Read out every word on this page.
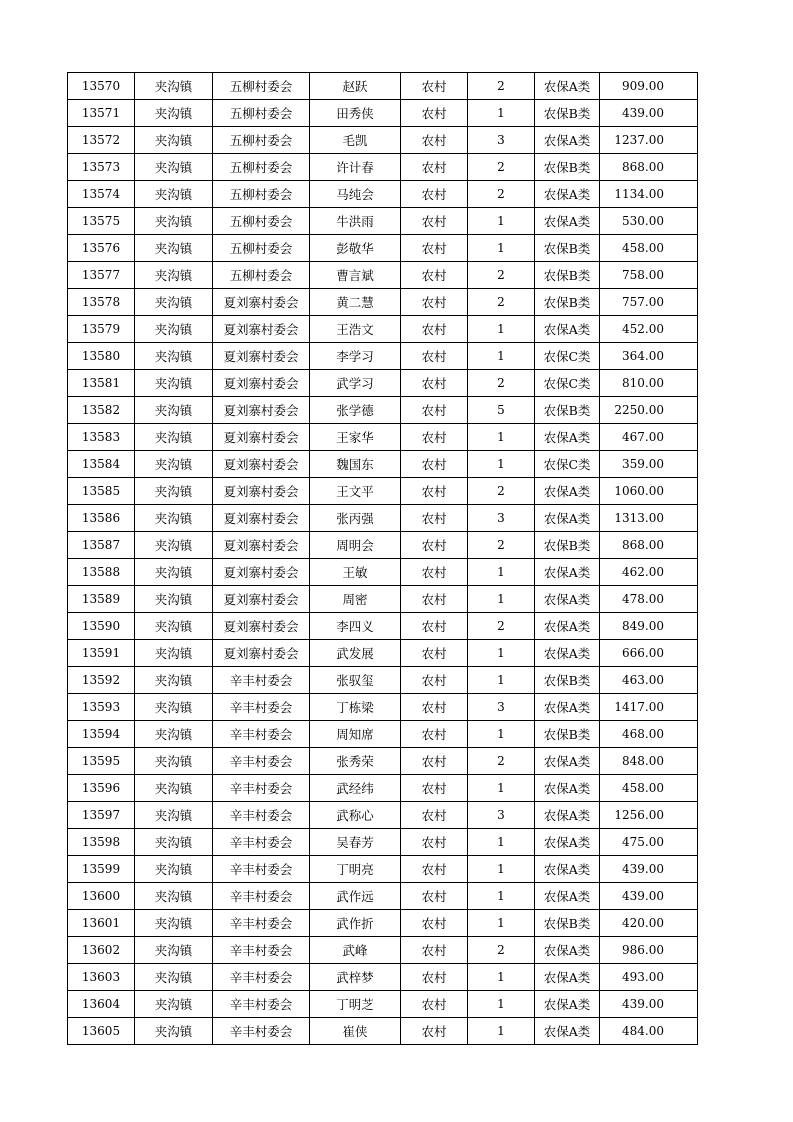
13570	夹沟镇	五柳村委会	赵跃	农村	2	农保A类	909.00
13571	夹沟镇	五柳村委会	田秀侠	农村	1	农保B类	439.00
13572	夹沟镇	五柳村委会	毛凯	农村	3	农保A类	1237.00
13573	夹沟镇	五柳村委会	许计春	农村	2	农保B类	868.00
13574	夹沟镇	五柳村委会	马纯会	农村	2	农保A类	1134.00
13575	夹沟镇	五柳村委会	牛洪雨	农村	1	农保A类	530.00
13576	夹沟镇	五柳村委会	彭敬华	农村	1	农保B类	458.00
13577	夹沟镇	五柳村委会	曹言斌	农村	2	农保B类	758.00
13578	夹沟镇	夏刘寨村委会	黄二慧	农村	2	农保B类	757.00
13579	夹沟镇	夏刘寨村委会	王浩文	农村	1	农保A类	452.00
13580	夹沟镇	夏刘寨村委会	李学习	农村	1	农保C类	364.00
13581	夹沟镇	夏刘寨村委会	武学习	农村	2	农保C类	810.00
13582	夹沟镇	夏刘寨村委会	张学德	农村	5	农保B类	2250.00
13583	夹沟镇	夏刘寨村委会	王家华	农村	1	农保A类	467.00
13584	夹沟镇	夏刘寨村委会	魏国东	农村	1	农保C类	359.00
13585	夹沟镇	夏刘寨村委会	王文平	农村	2	农保A类	1060.00
13586	夹沟镇	夏刘寨村委会	张丙强	农村	3	农保A类	1313.00
13587	夹沟镇	夏刘寨村委会	周明会	农村	2	农保B类	868.00
13588	夹沟镇	夏刘寨村委会	王敏	农村	1	农保A类	462.00
13589	夹沟镇	夏刘寨村委会	周密	农村	1	农保A类	478.00
13590	夹沟镇	夏刘寨村委会	李四义	农村	2	农保A类	849.00
13591	夹沟镇	夏刘寨村委会	武发展	农村	1	农保A类	666.00
13592	夹沟镇	辛丰村委会	张驭玺	农村	1	农保B类	463.00
13593	夹沟镇	辛丰村委会	丁栋梁	农村	3	农保A类	1417.00
13594	夹沟镇	辛丰村委会	周知席	农村	1	农保B类	468.00
13595	夹沟镇	辛丰村委会	张秀荣	农村	2	农保A类	848.00
13596	夹沟镇	辛丰村委会	武经纬	农村	1	农保A类	458.00
13597	夹沟镇	辛丰村委会	武称心	农村	3	农保A类	1256.00
13598	夹沟镇	辛丰村委会	吴春芳	农村	1	农保A类	475.00
13599	夹沟镇	辛丰村委会	丁明亮	农村	1	农保A类	439.00
13600	夹沟镇	辛丰村委会	武作远	农村	1	农保A类	439.00
13601	夹沟镇	辛丰村委会	武作折	农村	1	农保B类	420.00
13602	夹沟镇	辛丰村委会	武峰	农村	2	农保A类	986.00
13603	夹沟镇	辛丰村委会	武梓梦	农村	1	农保A类	493.00
13604	夹沟镇	辛丰村委会	丁明芝	农村	1	农保A类	439.00
13605	夹沟镇	辛丰村委会	崔侠	农村	1	农保A类	484.00
